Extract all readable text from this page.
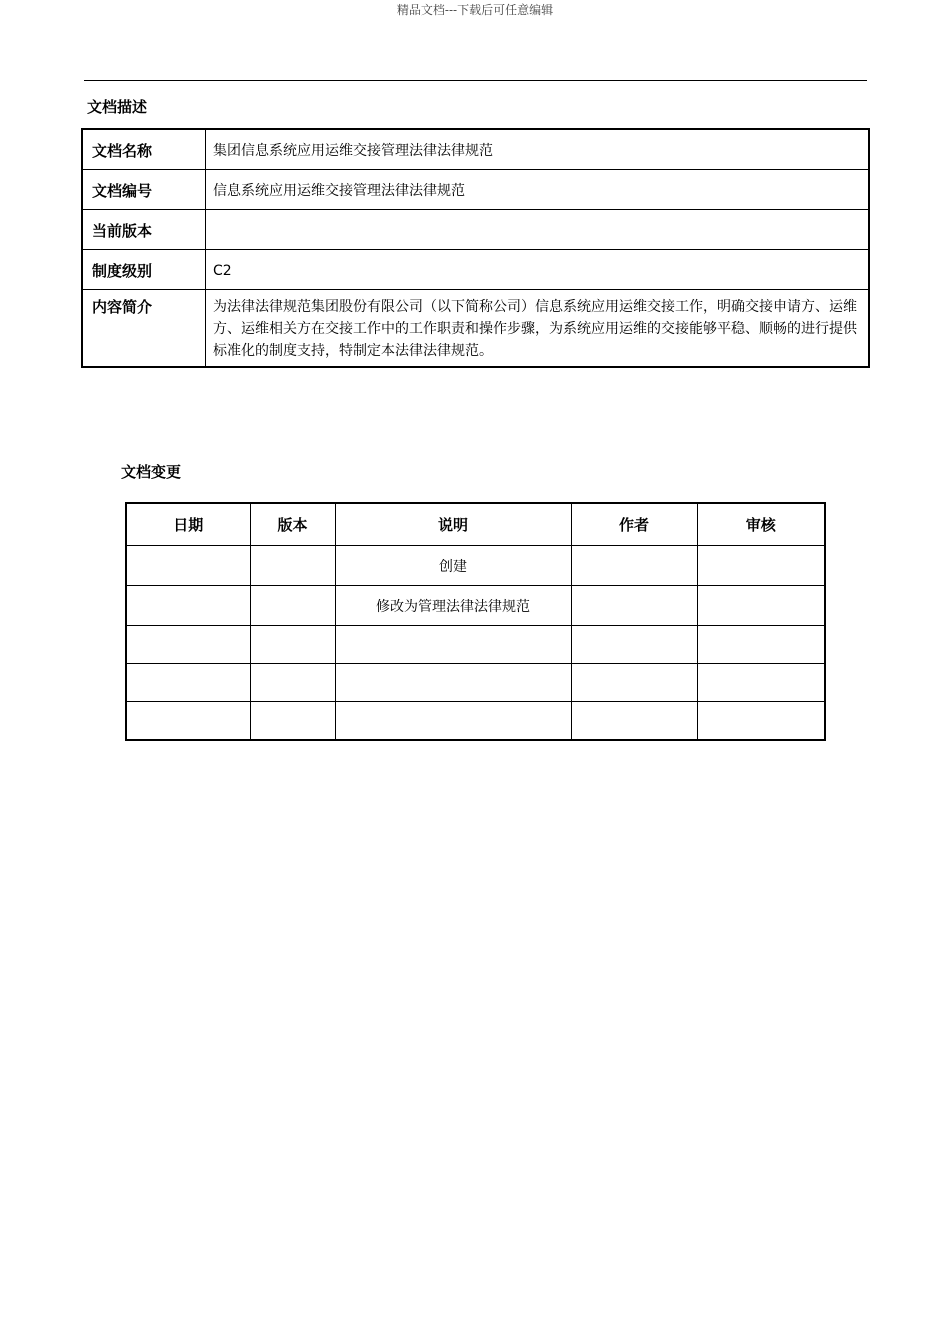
精品文档---下载后可任意编辑
文档描述
文档名称	集团信息系统应用运维交接管理法律法律规范
文档编号	信息系统应用运维交接管理法律法律规范
当前版本	
制度级别	C2
内容简介	为法律法律规范集团股份有限公司（以下简称公司）信息系统应用运维交接工作，明确交接申请方、运维方、运维相关方在交接工作中的工作职责和操作步骤，为系统应用运维的交接能够平稳、顺畅的进行提供标准化的制度支持，特制定本法律法律规范。
文档变更
日期	版本	说明	作者	审核
		创建		
		修改为管理法律法律规范		
